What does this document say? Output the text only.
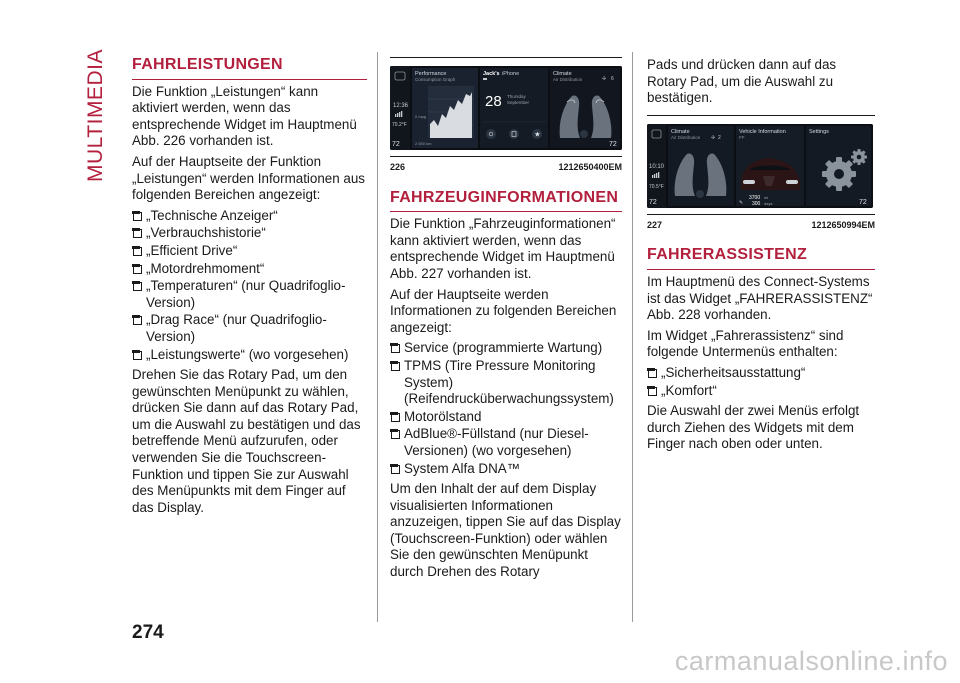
MULTIMEDIA FAHRLEISTUNGEN

Die Funktion „Leistungen“ kann aktiviert werden, wenn das entsprechende Widget im Hauptmenü Abb. 226 vorhanden ist.

Auf der Hauptseite der Funktion „Leistungen“ werden Informationen aus folgenden Bereichen angezeigt:

„Technische Anzeiger“
„Verbrauchshistorie“
„Efficient Drive“
„Motordrehmoment“
„Temperaturen“ (nur Quadrifoglio-Version)
„Drag Race“ (nur Quadrifoglio-Version)
„Leistungswerte“ (wo vorgesehen)

Drehen Sie das Rotary Pad, um den gewünschten Menüpunkt zu wählen, drücken Sie dann auf das Rotary Pad, um die Auswahl zu bestätigen und das betreffende Menü aufzurufen, oder verwenden Sie die Touchscreen-Funktion und tippen Sie zur Auswahl des Menüpunkts mit dem Finger auf das Display.

12:36
70.2°F
72
Performance
Consumption Graph
0 mpg
2 550 km
Jack's iPhone
28 Thursday
September
★
Climate
Air Distribution	✢ 6
72
226	1212650400EM
FAHRZEUGINFORMATIONEN

Die Funktion „Fahrzeuginformationen“ kann aktiviert werden, wenn das entsprechende Widget im Hauptmenü Abb. 227 vorhanden ist.

Auf der Hauptseite werden Informationen zu folgenden Bereichen angezeigt:

Service (programmierte Wartung)
TPMS (Tire Pressure Monitoring System) (Reifendrucküberwachungssystem)
Motorölstand
AdBlue®-Füllstand (nur Diesel-Versionen) (wo vorgesehen)
System Alfa DNA™

Um den Inhalt der auf dem Display visualisierten Informationen anzuzeigen, tippen Sie auf das Display (Touchscreen-Funktion) oder wählen Sie den gewünschten Menüpunkt durch Drehen des Rotary

Pads und drücken dann auf das Rotary Pad, um die Auswahl zu bestätigen.

10:10
70.5°F
72
Climate
Air Distribution ✢ 2
Vehicle Information
FF
✎
3700 mi
300 days
Settings
72
227	1212650994EM
FAHRERASSISTENZ

Im Hauptmenü des Connect-Systems ist das Widget „FAHRERASSISTENZ“ Abb. 228 vorhanden.

Im Widget „Fahrerassistenz“ sind folgende Untermenüs enthalten:

„Sicherheitsausstattung“
„Komfort“

Die Auswahl der zwei Menüs erfolgt durch Ziehen des Widgets mit dem Finger nach oben oder unten.

274
carmanualsonline.info
